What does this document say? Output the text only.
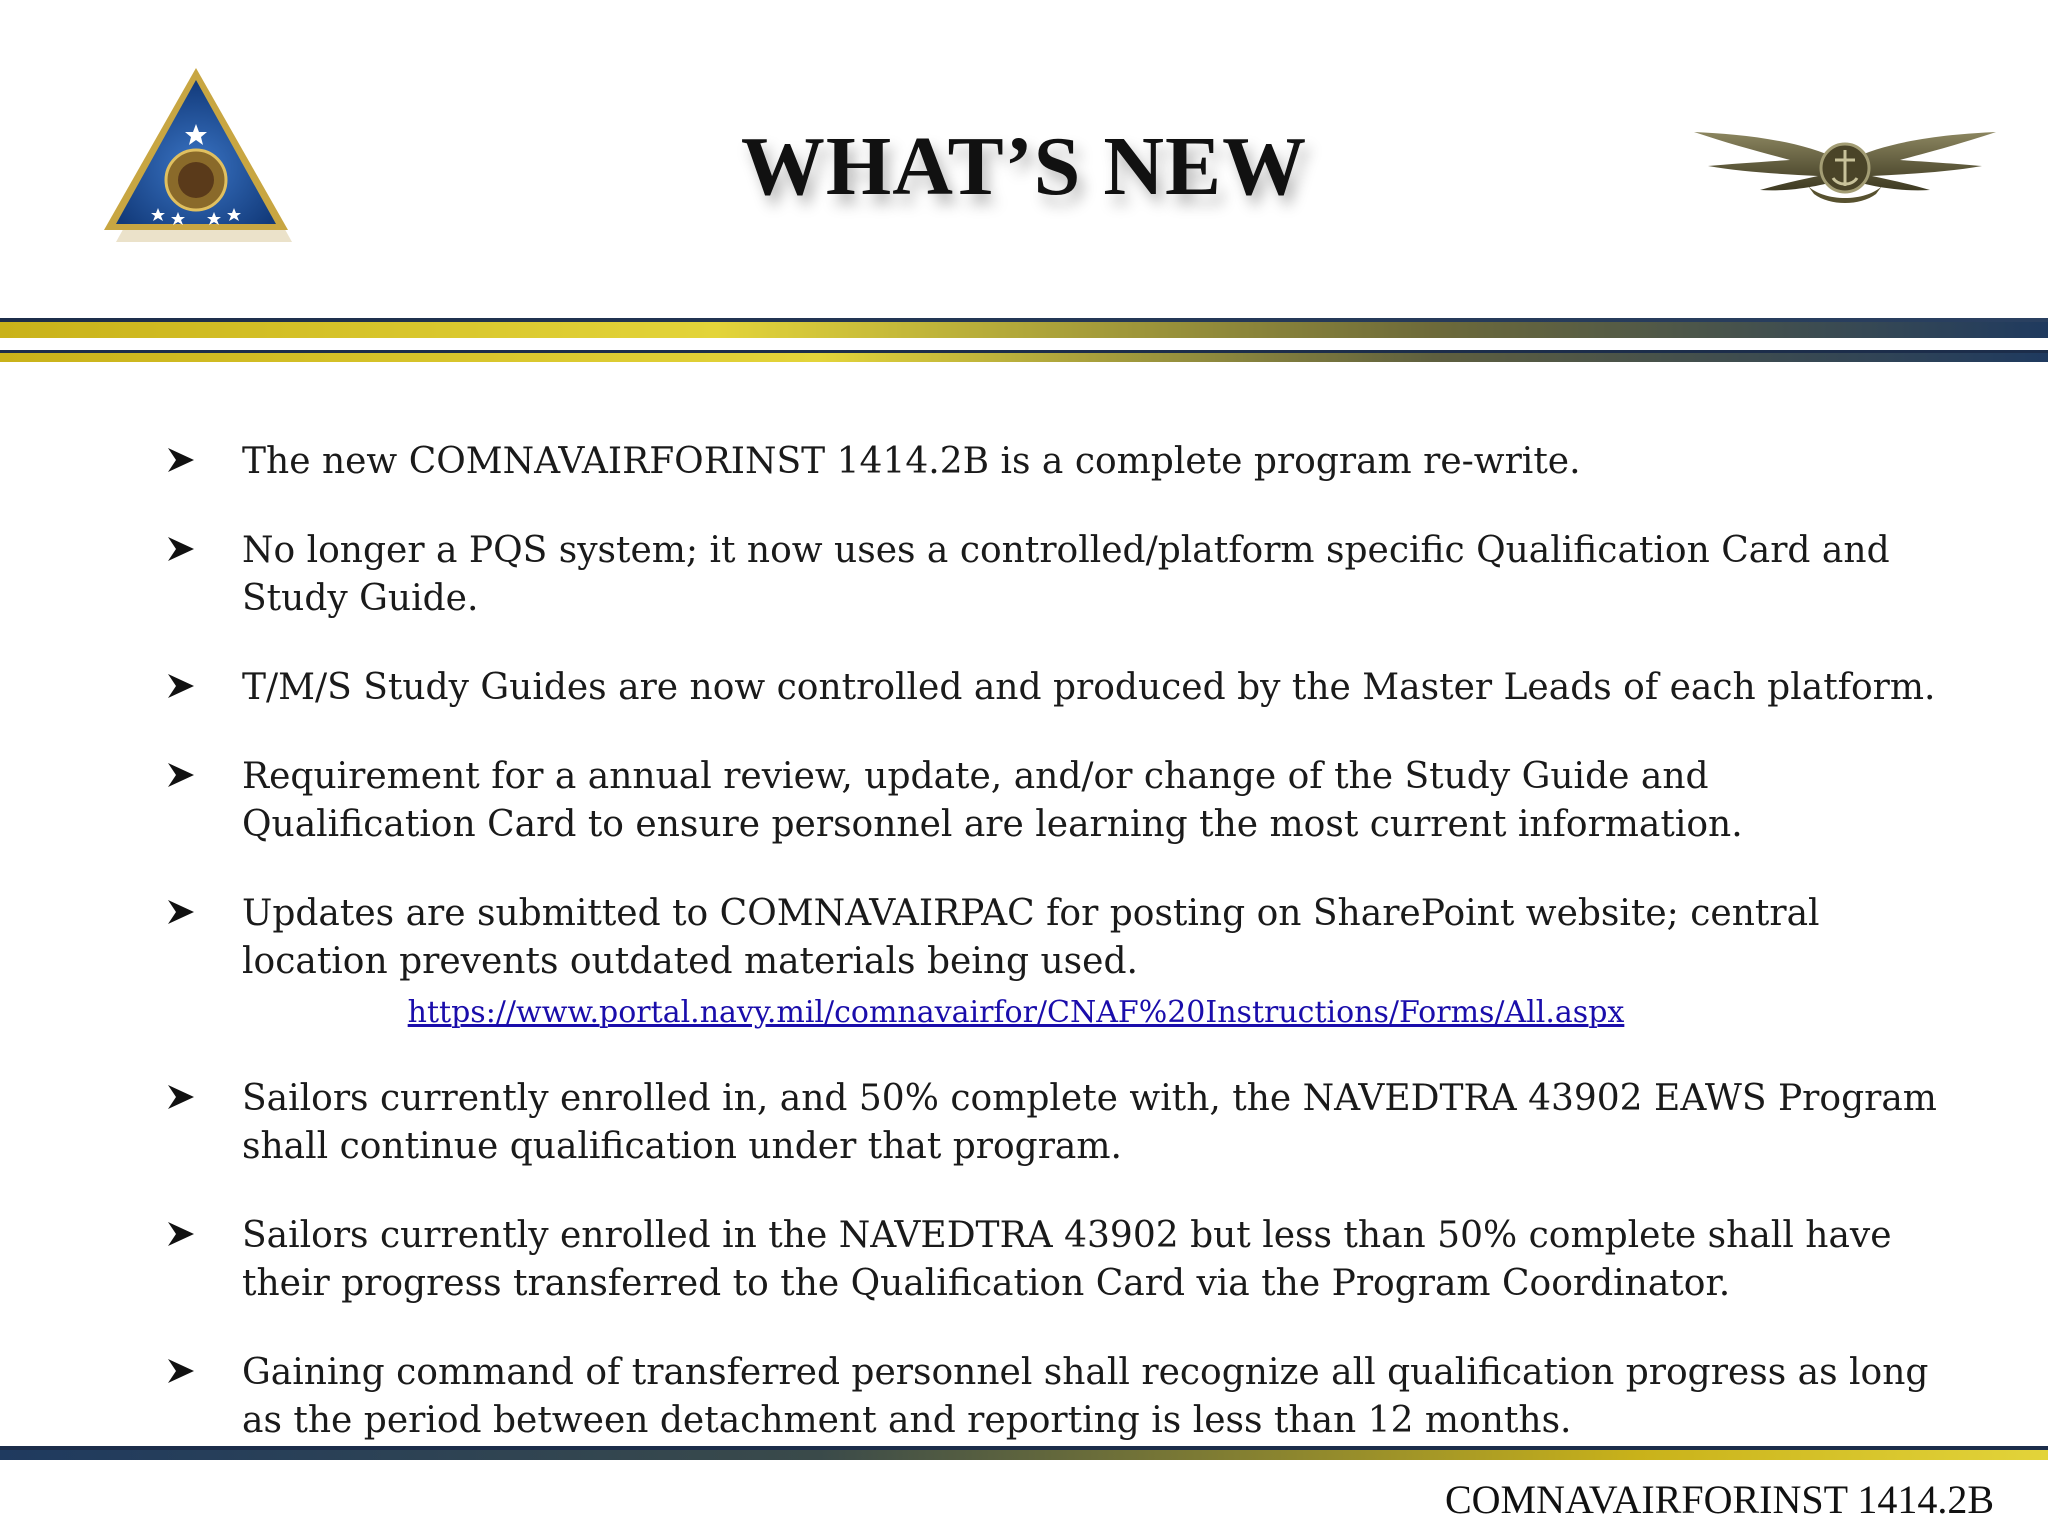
WHAT’S NEW
The new COMNAVAIRFORINST 1414.2B is a complete program re-write.
No longer a PQS system; it now uses a controlled/platform specific Qualification Card and Study Guide.
T/M/S Study Guides are now controlled and produced by the Master Leads of each platform.
Requirement for a annual review, update, and/or change of the Study Guide and Qualification Card to ensure personnel are learning the most current information.
Updates are submitted to COMNAVAIRPAC for posting on SharePoint website; central location prevents outdated materials being used.
https://www.portal.navy.mil/comnavairfor/CNAF%20Instructions/Forms/All.aspx
Sailors currently enrolled in, and 50% complete with, the NAVEDTRA 43902 EAWS Program shall continue qualification under that program.
Sailors currently enrolled in the NAVEDTRA 43902 but less than 50% complete shall have their progress transferred to the Qualification Card via the Program Coordinator.
Gaining command of transferred personnel shall recognize all qualification progress as long as the period between detachment and reporting is less than 12 months.
COMNAVAIRFORINST 1414.2B
